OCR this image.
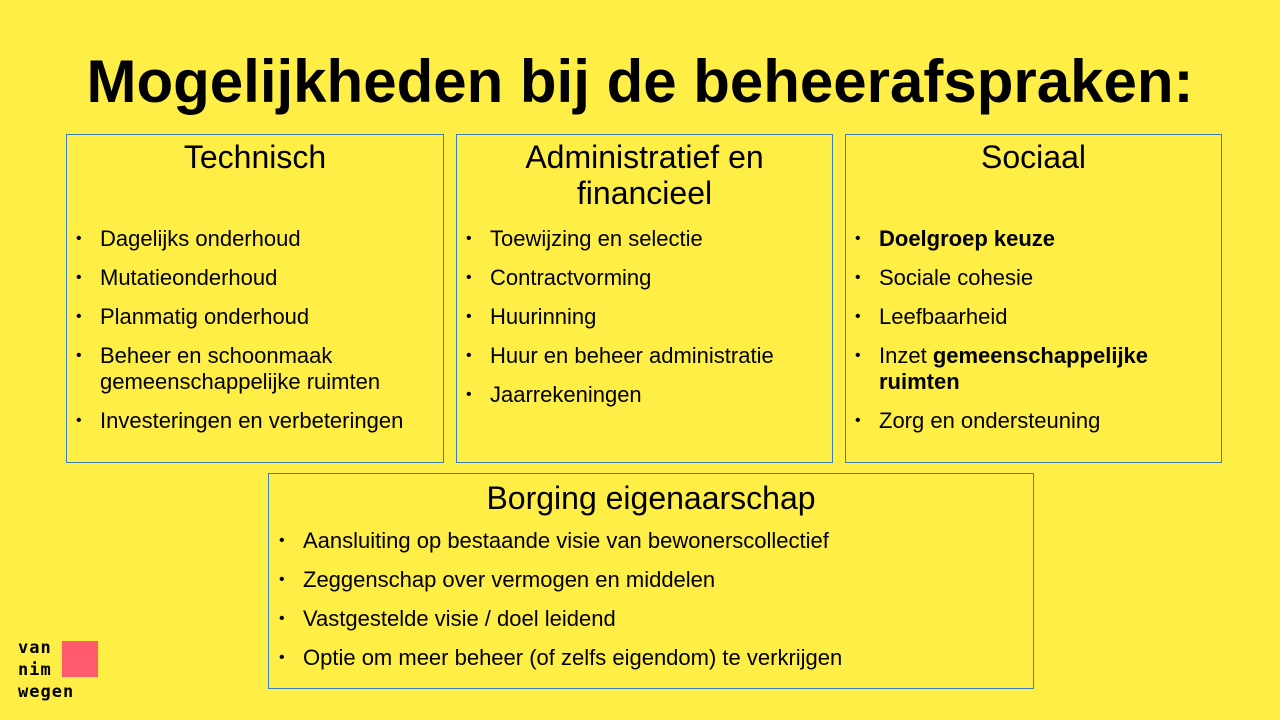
Mogelijkheden bij de beheerafspraken:
Technisch
• Dagelijks onderhoud
• Mutatieonderhoud
• Planmatig onderhoud
• Beheer en schoonmaak gemeenschappelijke ruimten
• Investeringen en verbeteringen
Administratief en financieel
• Toewijzing en selectie
• Contractvorming
• Huurinning
• Huur en beheer administratie
• Jaarrekeningen
Sociaal
• Doelgroep keuze
• Sociale cohesie
• Leefbaarheid
• Inzet gemeenschappelijke ruimten
• Zorg en ondersteuning
Borging eigenaarschap
• Aansluiting op bestaande visie van bewonerscollectief
• Zeggenschap over vermogen en middelen
• Vastgestelde visie / doel leidend
• Optie om meer beheer (of zelfs eigendom) te verkrijgen
van
nim
wegen
